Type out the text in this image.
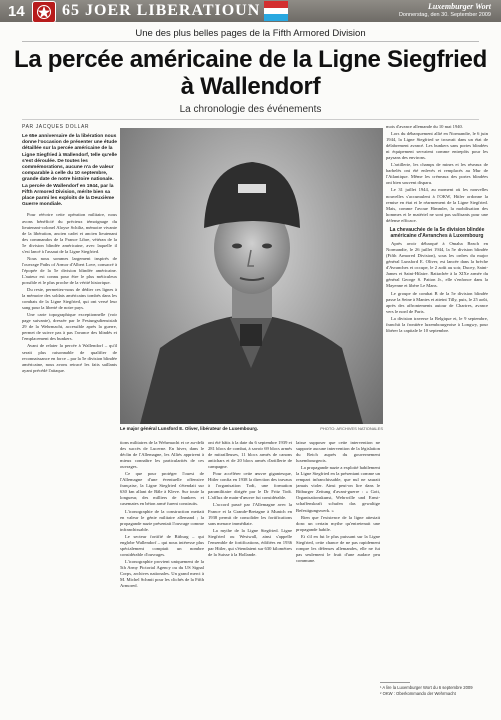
14 65 JOER LIBERATIOUN	Luxemburger Wort
Donnerstag, den 30. September 2009
Une des plus belles pages de la Fifth Armored Division
La percée américaine de la Ligne Siegfried
à Wallendorf
La chronologie des événements
PAR JACQUES DOLLAR
Le 65e anniversaire de la libération nous donne l'occasion de présenter une étude détaillée sur la percée américaine de la Ligne Siegfried à Wallendorf, telle qu'elle s'est déroulée. De toutes les commémorations, aucune n'a de valeur comparable à celle du 10 septembre, grande date de notre histoire nationale. La percée de Wallendorf en 1944, par la Fifth Armored Division, mérite bien sa place parmi les exploits de la Deuxième Guerre mondiale.

Pour réécrire cette opération militaire, nous avons bénéficié du précieux témoignage du lieutenant-colonel Aloyse Schiltz, mémoire vivante de la libération, ancien cadet et ancien lieutenant des commandos de la France Libre, vétéran de la 5e division blindée américaine, avec laquelle il s'est lancé à l'assaut de la Ligne Siegfried.

Nous nous sommes largement inspirés de l'ouvrage Paths of Armor d'Albert Love, consacré à l'épopée de la 5e division blindée américaine. L'auteur est connu pour être le plus méticuleux possible et le plus proche de la vérité historique.

Du reste, permettez-nous de dédier ces lignes à la mémoire des soldats américains tombés dans les combats de la Ligne Siegfried, qui ont versé leur sang pour la liberté de notre pays.

Une carte topographique exceptionnelle (voir page suivante), dressée par le Festungsdienststab 29 de la Wehrmacht, accessible après la guerre, permet de suivre pas à pas l'avance des blindés et l'emplacement des bunkers.

Avant de relater la percée à Wallendorf – qu'il serait plus raisonnable de qualifier de reconnaissance en force – par la 5e division blindée américaine, nous avons retracé les faits saillants ayant précédé l'attaque.

Le major général Lunsford E. Oliver, libérateur de Luxembourg.	PHOTO: ARCHIVES NATIONALES

tions militaires de la Wehrmacht et ce au-delà des succès de Lucerne. En hiver, dans le déclin de l'Allemagne, les Alliés apprirent à mieux connaître les particularités de ces ouvrages.

Ce que pour protéger l'ouest de l'Allemagne d'une éventuelle offensive française, la Ligne Siegfried s'étendait sur 630 km allant de Bâle à Kleve. Sur toute la longueur, des milliers de bunkers et casemates en béton armé furent construits.

L'iconographie de la construction mettait en valeur le génie militaire allemand ; la propagande nazie présentait l'ouvrage comme infranchissable.

Le secteur fortifié de Bitburg – qui englobe Wallendorf – qui nous intéresse plus spécialement comptait un nombre considérable d'ouvrages.

L'iconographie provient uniquement de la 5th Army Pictorial Agency ou du US Signal Corps, archives nationales. Un grand merci à M. Michel Schmit pour les clichés de la Fifth Armored.

ont été bâtis à la date du 6 septembre 1939 et 281 blocs de combat, à savoir 69 blocs armés de mitrailleuses, 11 blocs armés de canons antichars et de 20 blocs armés d'artillerie de campagne.

Pour accélérer cette œuvre gigantesque, Hitler confia en 1938 la direction des travaux à l'organisation Todt, une formation paramilitaire dirigée par le Dr Fritz Todt. L'afflux de main-d'œuvre fut considérable.

L'accord passé par l'Allemagne avec la France et la Grande-Bretagne à Munich en 1938 permit de consolider les fortifications sans menace immédiate.

La mythe de la Ligne Siegfried. Ligne Siegfried ou Westwall, ainsi s'appelle l'ensemble de fortifications, édifiées en 1936 par Hitler, qui s'étendaient sur 630 kilomètres de la Suisse à la Hollande.

laisse supposer que cette intervention ne supporte aucune intervention de la législation du Reich auprès du gouvernement luxembourgeois.

La propagande nazie a exploité habilement la Ligne Siegfried en la présentant comme un rempart infranchissable, que nul ne saurait jamais violer. Ainsi peut-on lire dans le Bitburger Zeitung d'avant-guerre : « Gott, Organisationskunst, Wehrwille und Ernst-schaffenskraft schufen das gewaltige Befestigungswerk. »

Rien que l'existence de la ligne attestait donc un certain mythe qu'entretenait une propagande habile.

Et s'il en fut le plus puissant sur la Ligne Siegfried, cette chance de ne pas rapidement rompre les défenses allemandes, elle ne fut pas seulement le fruit d'une audace peu commune.

mois d'avance allemande du 10 mai 1940.

Lors du débarquement allié en Normandie, le 6 juin 1944, la Ligne Siegfried se trouvait dans un état de délabrement avancé. Les bunkers sans portes blindées ni équipement servaient comme entrepôts pour les paysans des environs.

L'artillerie, les champs de mines et les réseaux de barbelés ont été enlevés et remplacés au Mur de l'Atlantique. Même les créneaux des portes blindées ont bien souvent disparu.

Le 31 juillet 1944, au moment où les nouvelles nouvelles s'accumulent à l'OKW, Hitler ordonne la remise en état et le réarmement de la Ligne Siegfried. Mais, comme l'avoue Himmler, la mobilisation des hommes et le matériel ne sont pas suffisants pour une défense efficace.

La chevauchée de la 5e division blindée américaine d'Avranches à Luxembourg

Après avoir débarqué à Omaha Beach en Normandie, le 26 juillet 1944, la 5e division blindée (Fifth Armored Division), sous les ordres du major général Lunsford E. Oliver, est lancée dans la brèche d'Avranches et occupe, le 2 août au soir, Ducey, Saint-James et Saint-Hilaire. Rattachée à la XIXe armée du général George S. Patton Jr., elle s'enfonce dans la Mayenne et libère Le Mans.

Le groupe de combat B de la 5e division blindée passe la Seine à Mantes et atteint Tilly, puis, le 25 août, après des affrontements autour de Chartres, avance vers le nord de Paris.

La division traverse la Belgique et, le 9 septembre, franchit la frontière luxembourgeoise à Longwy, pour libérer la capitale le 10 septembre.

¹ A lire la Luxemburger Wort du 6 septembre 2009
² OKW : Oberkommando der Wehrmacht
